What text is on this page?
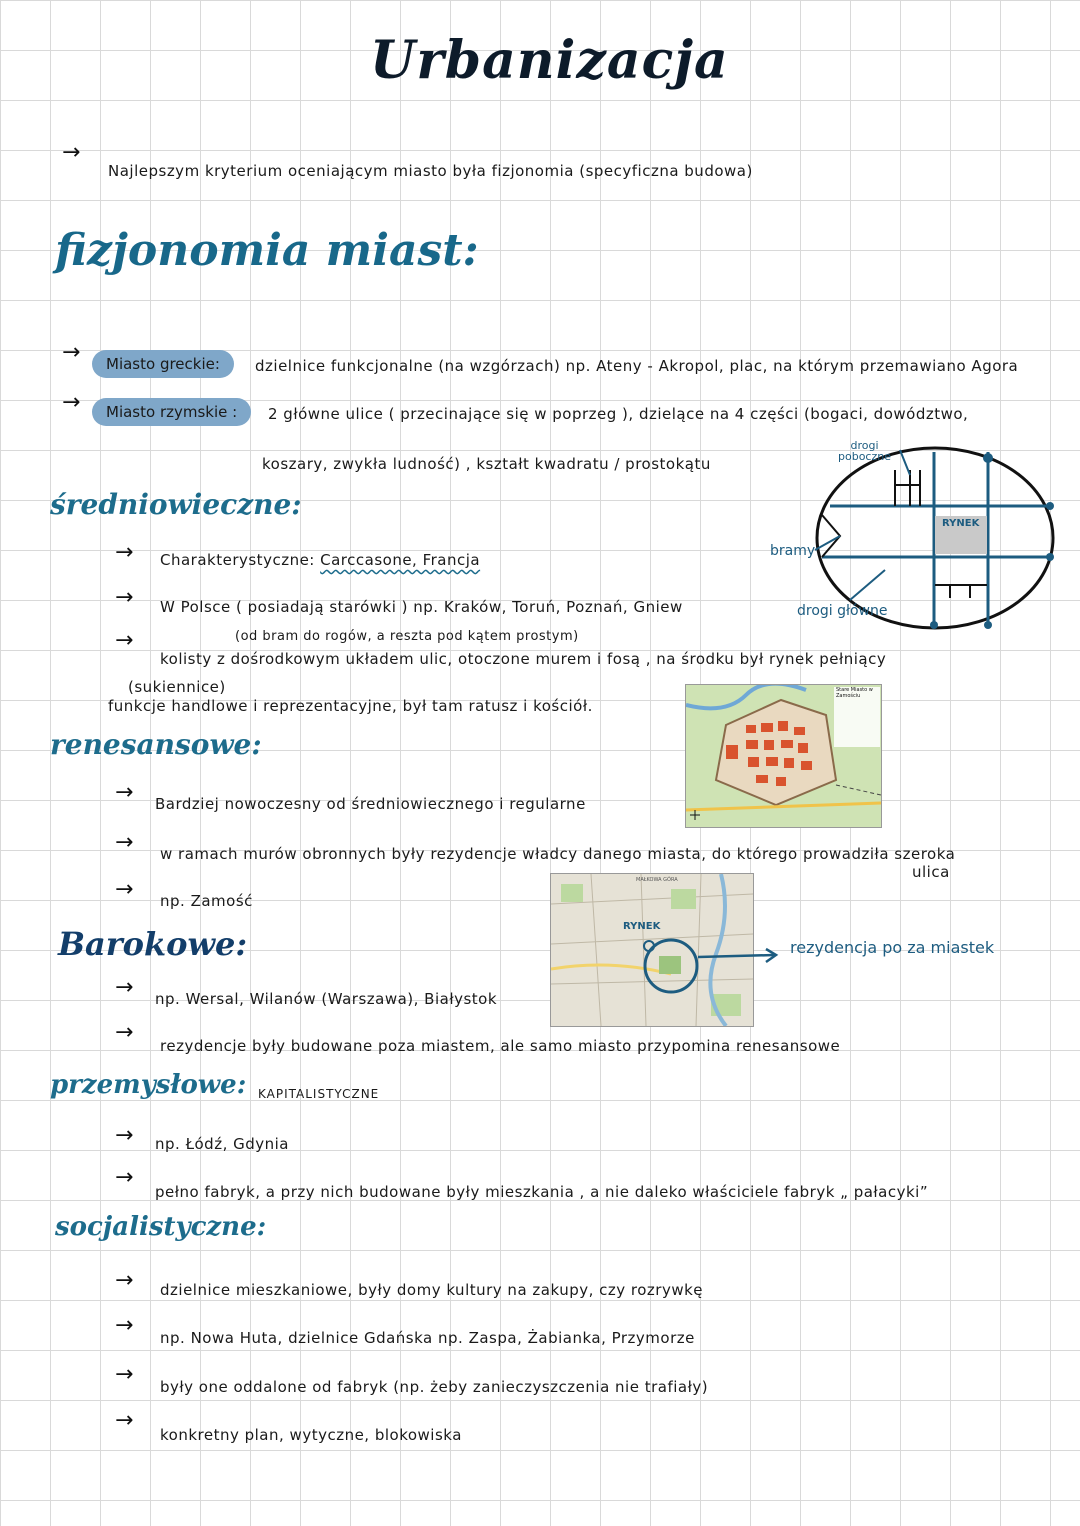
Urbanizacja
→
Najlepszym kryterium oceniającym miasto była fizjonomia (specyficzna budowa)
fizjonomia miast:
→	Miasto greckie:	dzielnice funkcjonalne (na wzgórzach) np. Ateny - Akropol, plac, na którym przemawiano Agora
→	Miasto rzymskie :	2 główne ulice ( przecinające się w poprzeg ), dzielące na 4 części (bogaci, dowództwo,
koszary, zwykła ludność) , kształt kwadratu / prostokątu
drogi
poboczne
bramy
drogi główne
RYNEK
średniowieczne:
→ Charakterystyczne: Carccasone, Francja
→ W Polsce ( posiadają starówki ) np. Kraków, Toruń, Poznań, Gniew
→	(od bram do rogów, a reszta pod kątem prostym)
kolisty z dośrodkowym układem ulic, otoczone murem i fosą , na środku był rynek pełniący
(sukiennice)
funkcje handlowe i reprezentacyjne, był tam ratusz i kościół.
Stare Miasto w Zamościu
renesansowe:
→ Bardziej nowoczesny od średniowiecznego i regularne
→ w ramach murów obronnych były rezydencje władcy danego miasta, do którego prowadziła szeroka
ulica
→ np. Zamość
RYNEK
MAŁKOWA GÓRA
rezydencja po za miastek
Barokowe:
→ np. Wersal, Wilanów (Warszawa), Białystok
→
rezydencje były budowane poza miastem, ale samo miasto przypomina renesansowe
przemysłowe: KAPITALISTYCZNE
→ np. Łódź, Gdynia
→
pełno fabryk, a przy nich budowane były mieszkania , a nie daleko właściciele fabryk „ pałacyki”
socjalistyczne:
→ dzielnice mieszkaniowe, były domy kultury na zakupy, czy rozrywkę
→ np. Nowa Huta, dzielnice Gdańska np. Zaspa, Żabianka, Przymorze
→ były one oddalone od fabryk (np. żeby zanieczyszczenia nie trafiały)
→
konkretny plan, wytyczne, blokowiska
